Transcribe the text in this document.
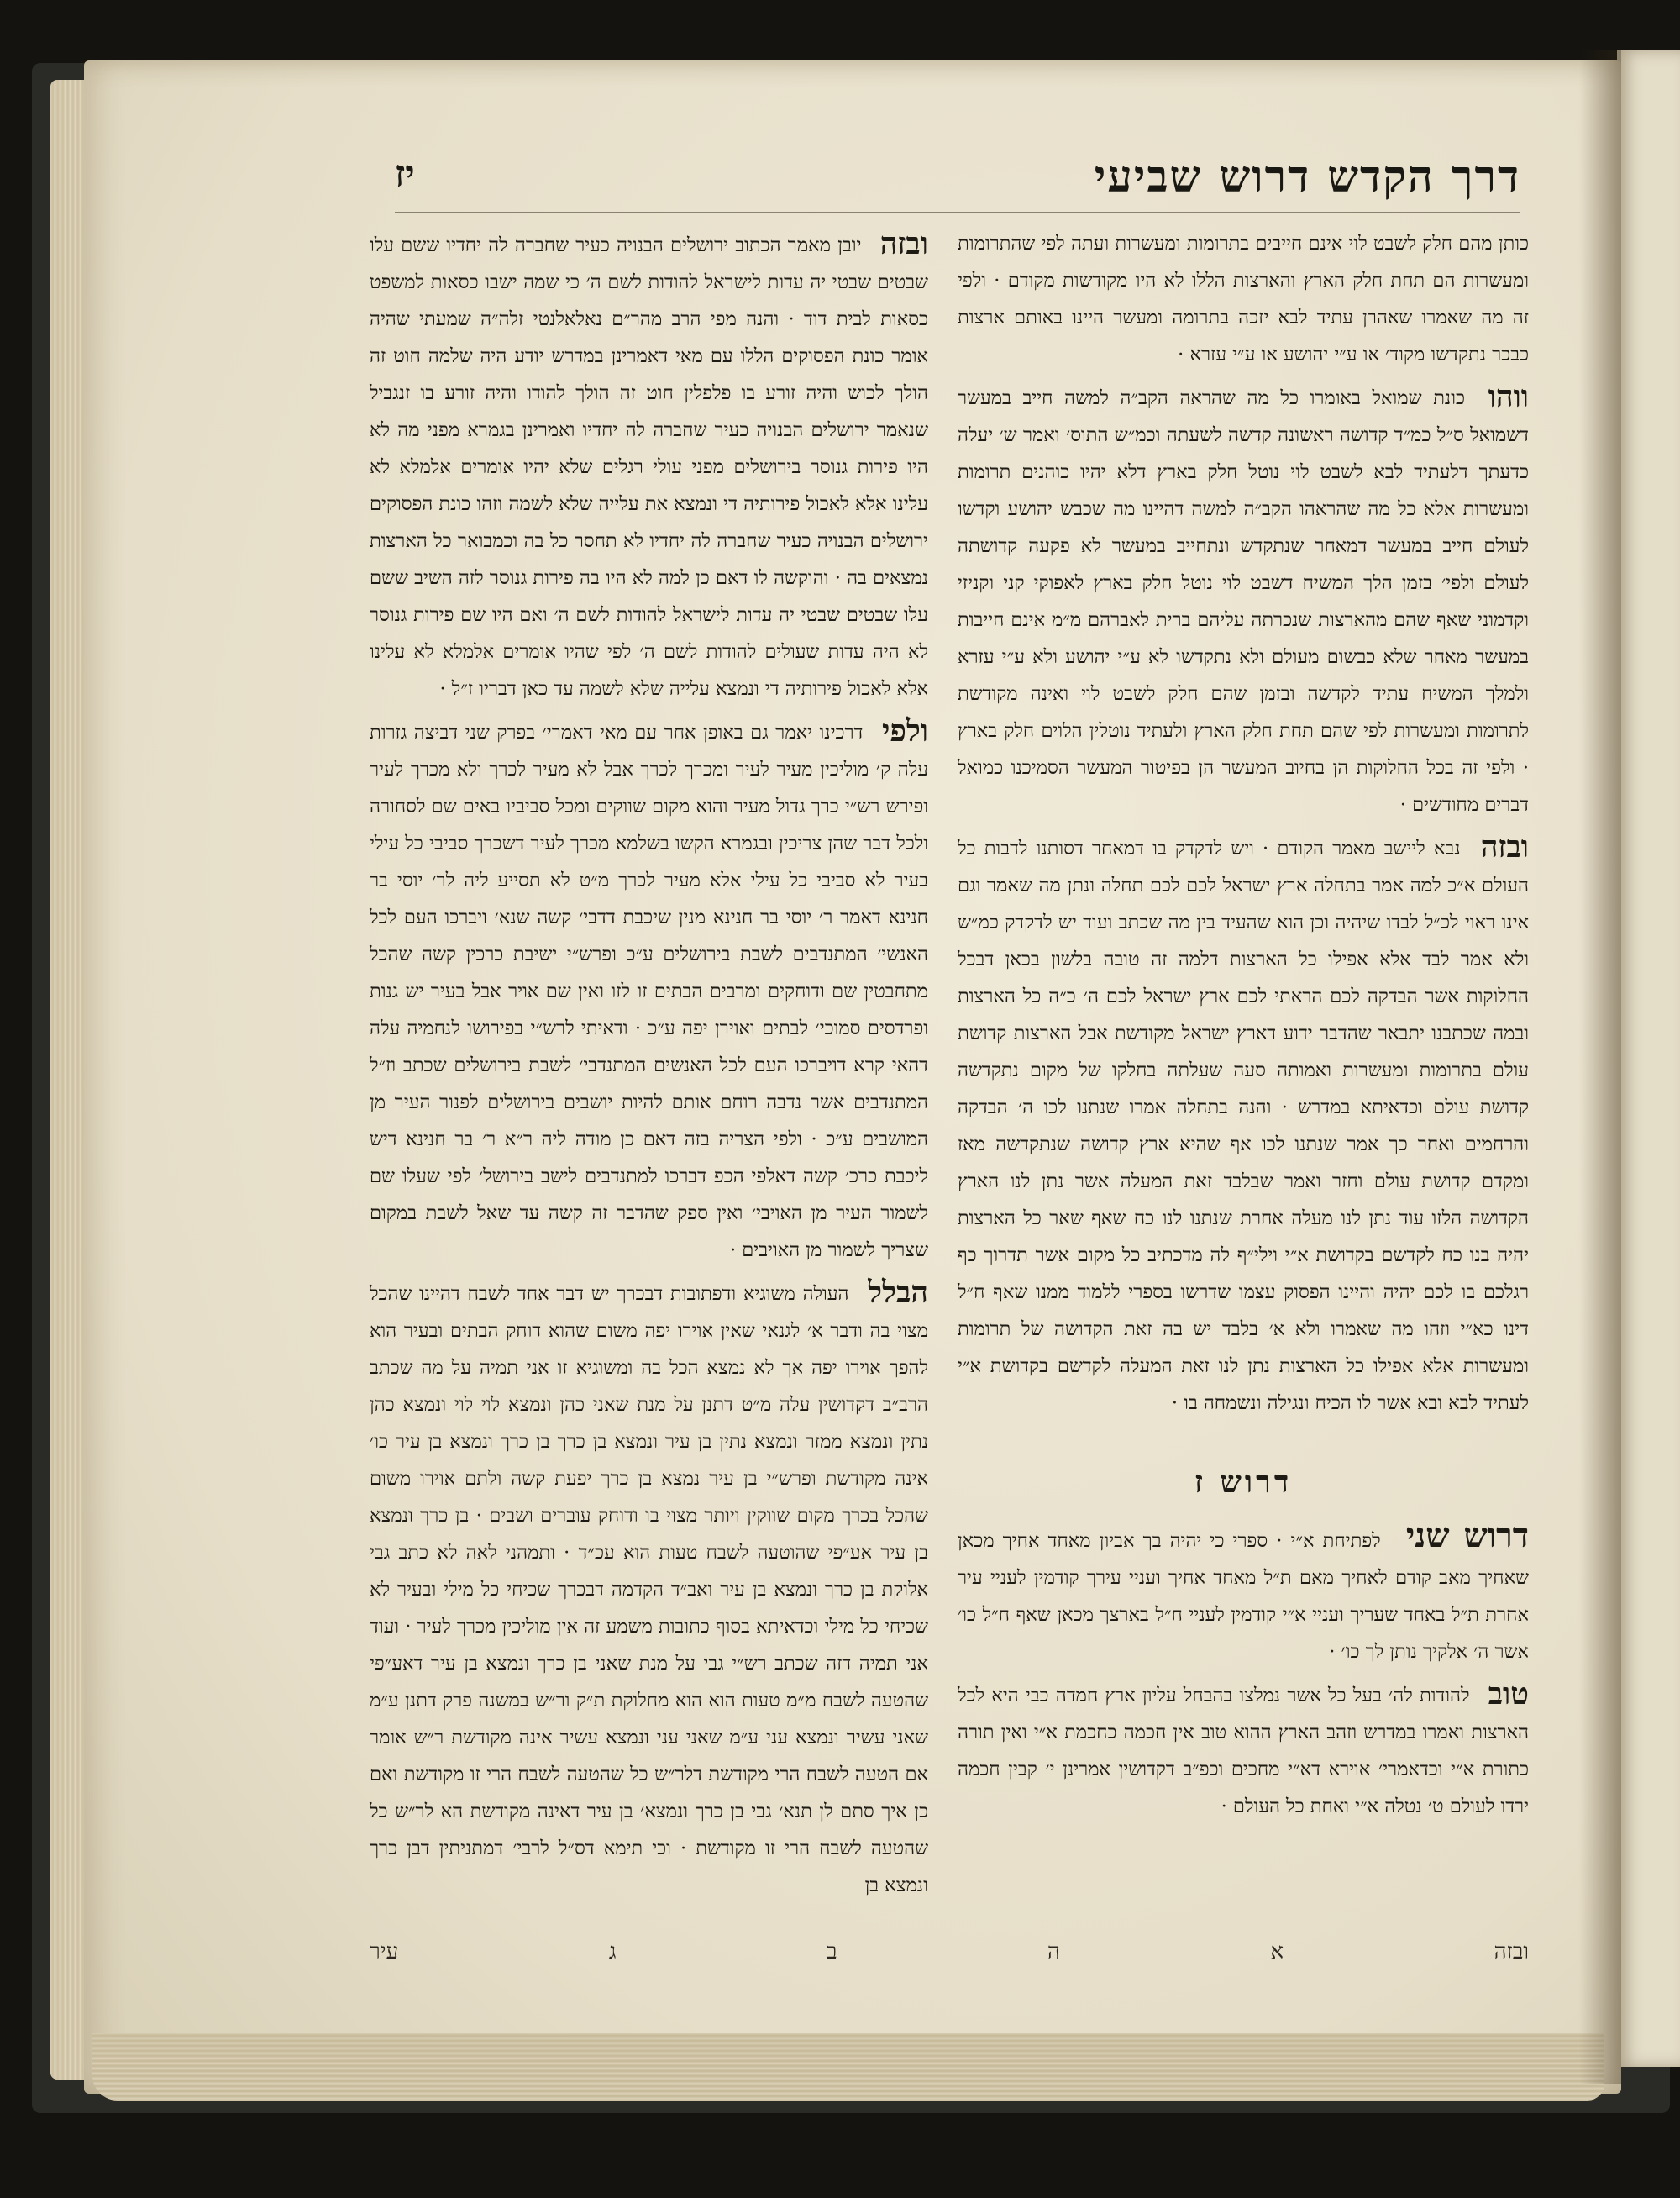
דרך הקדש דרוש שביעי
יז

כותן מהם חלק לשבט לוי אינם חייבים בתרומות ומעשרות ועתה לפי שהתרומות ומעשרות הם תחת חלק הארץ והארצות הללו לא היו מקודשות מקודם · ולפי זה מה שאמרו שאהרן עתיד לבא יזכה בתרומה ומעשר היינו באותם ארצות כבכר נתקדשו מקוד׳ או ע״י יהושע או ע״י עזרא ·

ווהו כונת שמואל באומרו כל מה שהראה הקב״ה למשה חייב במעשר דשמואל ס״ל כמ״ד קדושה ראשונה קדשה לשעתה וכמ״ש התוס׳ ואמר ש׳ יעלה כדעתך דלעתיד לבא לשבט לוי נוטל חלק בארץ דלא יהיו כוהנים תרומות ומעשרות אלא כל מה שהראהו הקב״ה למשה דהיינו מה שכבש יהושע וקדשו לעולם חייב במעשר דמאחר שנתקדש ונתחייב במעשר לא פקעה קדושתה לעולם ולפי׳ בזמן הלך המשיח דשבט לוי נוטל חלק בארץ לאפוקי קני וקניזי וקדמוני שאף שהם מהארצות שנכרתה עליהם ברית לאברהם מ״מ אינם חייבות במעשר מאחר שלא כבשום מעולם ולא נתקדשו לא ע״י יהושע ולא ע״י עזרא ולמלך המשיח עתיד לקדשה ובזמן שהם חלק לשבט לוי ואינה מקודשת לתרומות ומעשרות לפי שהם תחת חלק הארץ ולעתיד נוטלין הלוים חלק בארץ · ולפי זה בכל החלוקות הן בחיוב המעשר הן בפיטור המעשר הסמיכנו כמואל דברים מחודשים ·

ובזה נבא ליישב מאמר הקודם · ויש לדקדק בו דמאחר דסותנו לדבות כל העולם א״כ למה אמר בתחלה ארץ ישראל לכם לכם תחלה ונתן מה שאמר וגם אינו ראוי לכ״ל לבדו שיהיה וכן הוא שהעיד בין מה שכתב ועוד יש לדקדק כמ״ש ולא אמר לבד אלא אפילו כל הארצות דלמה זה טובה בלשון בכאן דבכל החלוקות אשר הבדקה לכם הראתי לכם ארץ ישראל לכם ה׳ כ״ה כל הארצות ובמה שכתבנו יתבאר שהדבר ידוע דארץ ישראל מקודשת אבל הארצות קדושת עולם בתרומות ומעשרות ואמותה סעה שעלתה בחלקו של מקום נתקדשה קדושת עולם וכדאיתא במדרש · והנה בתחלה אמרו שנתנו לכו ה׳ הבדקה והרחמים ואחר כך אמר שנתנו לכו אף שהיא ארץ קדושה שנתקדשה מאז ומקדם קדושת עולם וחזר ואמר שבלבד זאת המעלה אשר נתן לנו הארץ הקדושה הלזו עוד נתן לנו מעלה אחרת שנתנו לנו כח שאף שאר כל הארצות יהיה בנו כח לקדשם בקדושת א״י וילי״ף לה מדכתיב כל מקום אשר תדרוך כף רגלכם בו לכם יהיה והיינו הפסוק עצמו שדרשו בספרי ללמוד ממנו שאף ח״ל דינו כא״י וזהו מה שאמרו ולא א׳ בלבד יש בה זאת הקדושה של תרומות ומעשרות אלא אפילו כל הארצות נתן לנו זאת המעלה לקדשם בקדושת א״י לעתיד לבא ובא אשר לו הכיח ונגילה ונשמחה בו ·

דרוש ז

דרוש שני לפתיחת א״י · ספרי כי יהיה בך אביון מאחד אחיך מכאן שאחיך מאב קודם לאחיך מאם ת״ל מאחד אחיך ועניי עירך קודמין לעניי עיר אחרת ת״ל באחד שעריך ועניי א״י קודמין לעניי ח״ל בארצך מכאן שאף ח״ל כו׳ אשר ה׳ אלקיך נותן לך כו׳ ·

טוב להודות לה׳ בעל כל אשר נמלצו בהבחל עליון ארץ חמדה כבי היא לכל הארצות ואמרו במדרש וזהב הארץ ההוא טוב אין חכמה כחכמת א״י ואין תורה כתורת א״י וכדאמרי׳ אוירא דא״י מחכים וכפ״ב דקדושין אמרינן י׳ קבין חכמה ירדו לעולם ט׳ נטלה א״י ואחת כל העולם ·

ובזה יובן מאמר הכתוב ירושלים הבנויה כעיר שחברה לה יחדיו ששם עלו שבטים שבטי יה עדות לישראל להודות לשם ה׳ כי שמה ישבו כסאות למשפט כסאות לבית דוד · והנה מפי הרב מהר״ם נאלאלנטי זלה״ה שמעתי שהיה אומר כונת הפסוקים הללו עם מאי דאמרינן במדרש יודע היה שלמה חוט זה הולך לכוש והיה זורע בו פלפלין חוט זה הולך להודו והיה זורע בו זנגביל שנאמר ירושלים הבנויה כעיר שחברה לה יחדיו ואמרינן בגמרא מפני מה לא היו פירות גנוסר בירושלים מפני עולי רגלים שלא יהיו אומרים אלמלא לא עלינו אלא לאכול פירותיה די ונמצא את עלייה שלא לשמה וזהו כונת הפסוקים ירושלים הבנויה כעיר שחברה לה יחדיו לא תחסר כל בה וכמבואר כל הארצות נמצאים בה · והוקשה לו דאם כן למה לא היו בה פירות גנוסר לזה השיב ששם עלו שבטים שבטי יה עדות לישראל להודות לשם ה׳ ואם היו שם פירות גנוסר לא היה עדות שעולים להודות לשם ה׳ לפי שהיו אומרים אלמלא לא עלינו אלא לאכול פירותיה די ונמצא עלייה שלא לשמה עד כאן דבריו ז״ל ·

ולפי דרכינו יאמר גם באופן אחר עם מאי דאמרי׳ בפרק שני דביצה גזרות עלה ק׳ מוליכין מעיר לעיר ומכרך לכרך אבל לא מעיר לכרך ולא מכרך לעיר ופירש רש״י כרך גדול מעיר והוא מקום שווקים ומכל סביביו באים שם לסחורה ולכל דבר שהן צריכין ובגמרא הקשו בשלמא מכרך לעיר דשכרך סביבי כל עילי בעיר לא סביבי כל עילי אלא מעיר לכרך מ״ט לא תסייע ליה לר׳ יוסי בר חנינא דאמר ר׳ יוסי בר חנינא מנין שיכבת דדבי׳ קשה שנא׳ ויברכו העם לכל האנשי׳ המתנדבים לשבת בירושלים ע״כ ופרש״י ישיבת כרכין קשה שהכל מתחבטין שם ודוחקים ומרבים הבתים זו לזו ואין שם אויר אבל בעיר יש גנות ופרדסים סמוכי׳ לבתים ואוירן יפה ע״כ · ודאיתי לרש״י בפירושו לנחמיה עלה דהאי קרא דויברכו העם לכל האנשים המתנדבי׳ לשבת בירושלים שכתב וז״ל המתנדבים אשר נדבה רוחם אותם להיות יושבים בירושלים לפנור העיר מן המושבים ע״כ · ולפי הצריה בזה דאם כן מודה ליה ר״א ר׳ בר חנינא דיש ליכבת כרכ׳ קשה דאלפי הכפ דברכו למתנדבים לישב בירושל׳ לפי שעלו שם לשמור העיר מן האויבי׳ ואין ספק שהדבר זה קשה עד שאל לשבת במקום שצריך לשמור מן האויבים ·

הבלל העולה משוגיא ודפתובות דבכרך יש דבר אחד לשבח דהיינו שהכל מצוי בה ודבר א׳ לגנאי שאין אוירו יפה משום שהוא דוחק הבתים ובעיר הוא להפך אוירו יפה אך לא נמצא הכל בה ומשוגיא זו אני תמיה על מה שכתב הרב״ב דקדושין עלה מ״ט דתנן על מנת שאני כהן ונמצא לוי לוי ונמצא כהן נתין ונמצא ממזר ונמצא נתין בן עיר ונמצא בן כרך בן כרך ונמצא בן עיר כו׳ אינה מקודשת ופרש״י בן עיר נמצא בן כרך יפעת קשה ולתם אוירו משום שהכל בכרך מקום שווקין ויותר מצוי בו ודוחק עוברים ושבים · בן כרך ונמצא בן עיר אע״פי שהוטעה לשבח טעות הוא עכ״ד · ותמהני לאה לא כתב גבי אלוקת בן כרך ונמצא בן עיר ואב״ד הקדמה דבכרך שכיחי כל מילי ובעיר לא שכיחי כל מילי וכדאיתא בסוף כתובות משמע זה אין מוליכין מכרך לעיר · ועוד אני תמיה דזה שכתב רש״י גבי על מנת שאני בן כרך ונמצא בן עיר דאע״פי שהטעה לשבח מ״מ טעות הוא הוא מחלוקת ת״ק ור״ש במשנה פרק דתנן ע״מ שאני עשיר ונמצא עני ע״מ שאני עני ונמצא עשיר אינה מקודשת ר״ש אומר אם הטעה לשבח הרי מקודשת דלר״ש כל שהטעה לשבח הרי זו מקודשת ואם כן איך סתם לן תנא׳ גבי בן כרך ונמצא׳ בן עיר דאינה מקודשת הא לר״ש כל שהטעה לשבח הרי זו מקודשת · וכי תימא דס״ל לרבי׳ דמתניתין דבן כרך ונמצא בן

ובזה
א
ה
ב
ג
עיר
